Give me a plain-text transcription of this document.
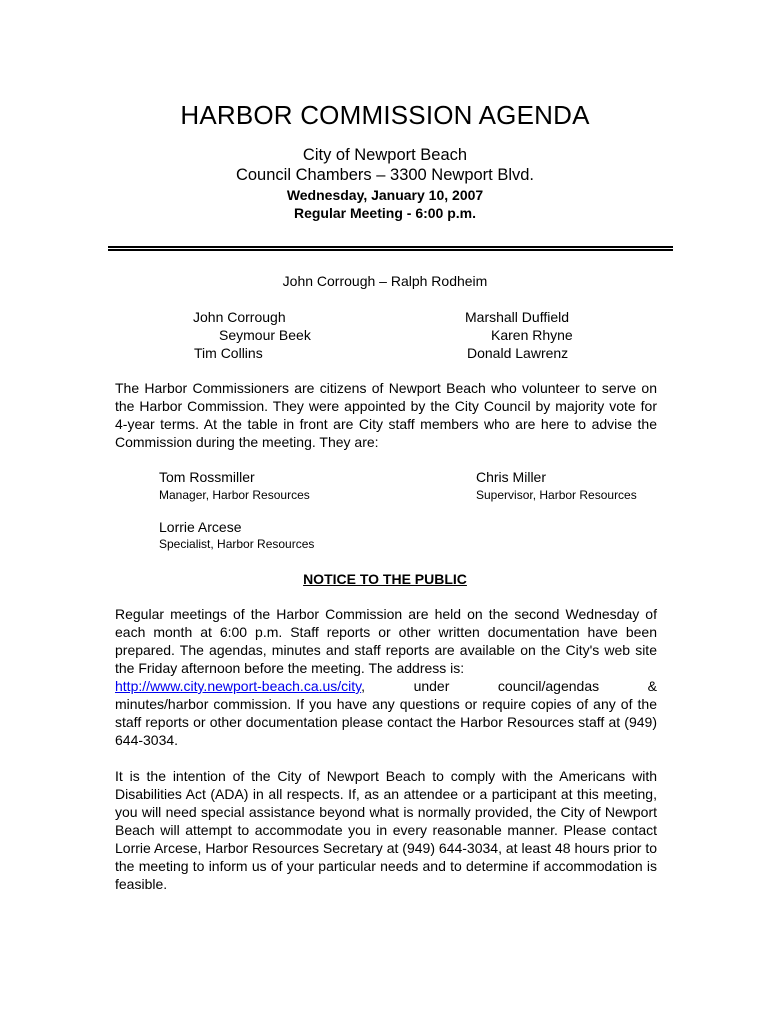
HARBOR COMMISSION AGENDA
City of Newport Beach
Council Chambers – 3300 Newport Blvd.
Wednesday, January 10, 2007
Regular Meeting - 6:00 p.m.
John Corrough – Ralph Rodheim
John Corrough
Seymour Beek
Tim Collins
Marshall Duffield
Karen Rhyne
Donald Lawrenz
The Harbor Commissioners are citizens of Newport Beach who volunteer to serve on the Harbor Commission. They were appointed by the City Council by majority vote for 4-year terms. At the table in front are City staff members who are here to advise the Commission during the meeting. They are:
Tom Rossmiller
Manager, Harbor Resources
Chris Miller
Supervisor, Harbor Resources
Lorrie Arcese
Specialist, Harbor Resources
NOTICE TO THE PUBLIC
Regular meetings of the Harbor Commission are held on the second Wednesday of each month at 6:00 p.m. Staff reports or other written documentation have been prepared. The agendas, minutes and staff reports are available on the City's web site the Friday afternoon before the meeting. The address is:
http://www.city.newport-beach.ca.us/city, under council/agendas &
minutes/harbor commission. If you have any questions or require copies of any of the staff reports or other documentation please contact the Harbor Resources staff at (949) 644-3034.
It is the intention of the City of Newport Beach to comply with the Americans with Disabilities Act (ADA) in all respects. If, as an attendee or a participant at this meeting, you will need special assistance beyond what is normally provided, the City of Newport Beach will attempt to accommodate you in every reasonable manner. Please contact Lorrie Arcese, Harbor Resources Secretary at (949) 644-3034, at least 48 hours prior to the meeting to inform us of your particular needs and to determine if accommodation is feasible.
